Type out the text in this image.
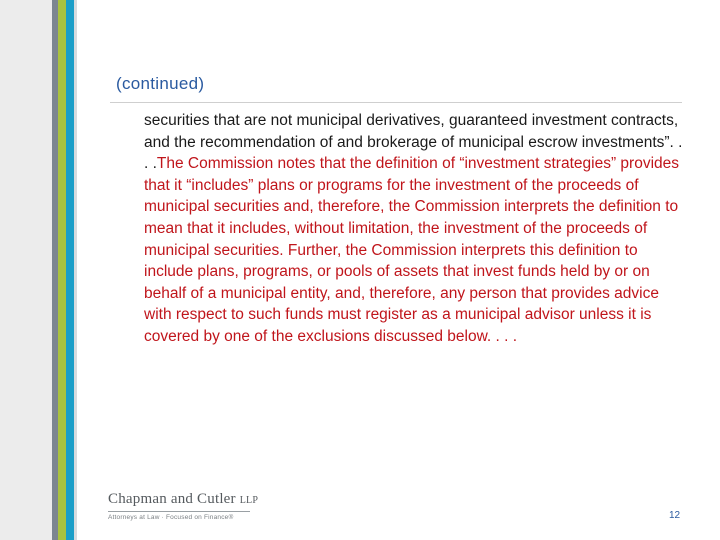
(continued)
securities that are not municipal derivatives, guaranteed investment contracts, and the recommendation of and brokerage of municipal escrow investments”. . . .The Commission notes that the definition of “investment strategies” provides that it “includes” plans or programs for the investment of the proceeds of municipal securities and, therefore, the Commission interprets the definition to mean that it includes, without limitation, the investment of the proceeds of municipal securities. Further, the Commission interprets this definition to include plans, programs, or pools of assets that invest funds held by or on behalf of a municipal entity, and, therefore, any person that provides advice with respect to such funds must register as a municipal advisor unless it is covered by one of the exclusions discussed below. . . .
Chapman and Cutler LLP
Attorneys at Law · Focused on Finance®	12
